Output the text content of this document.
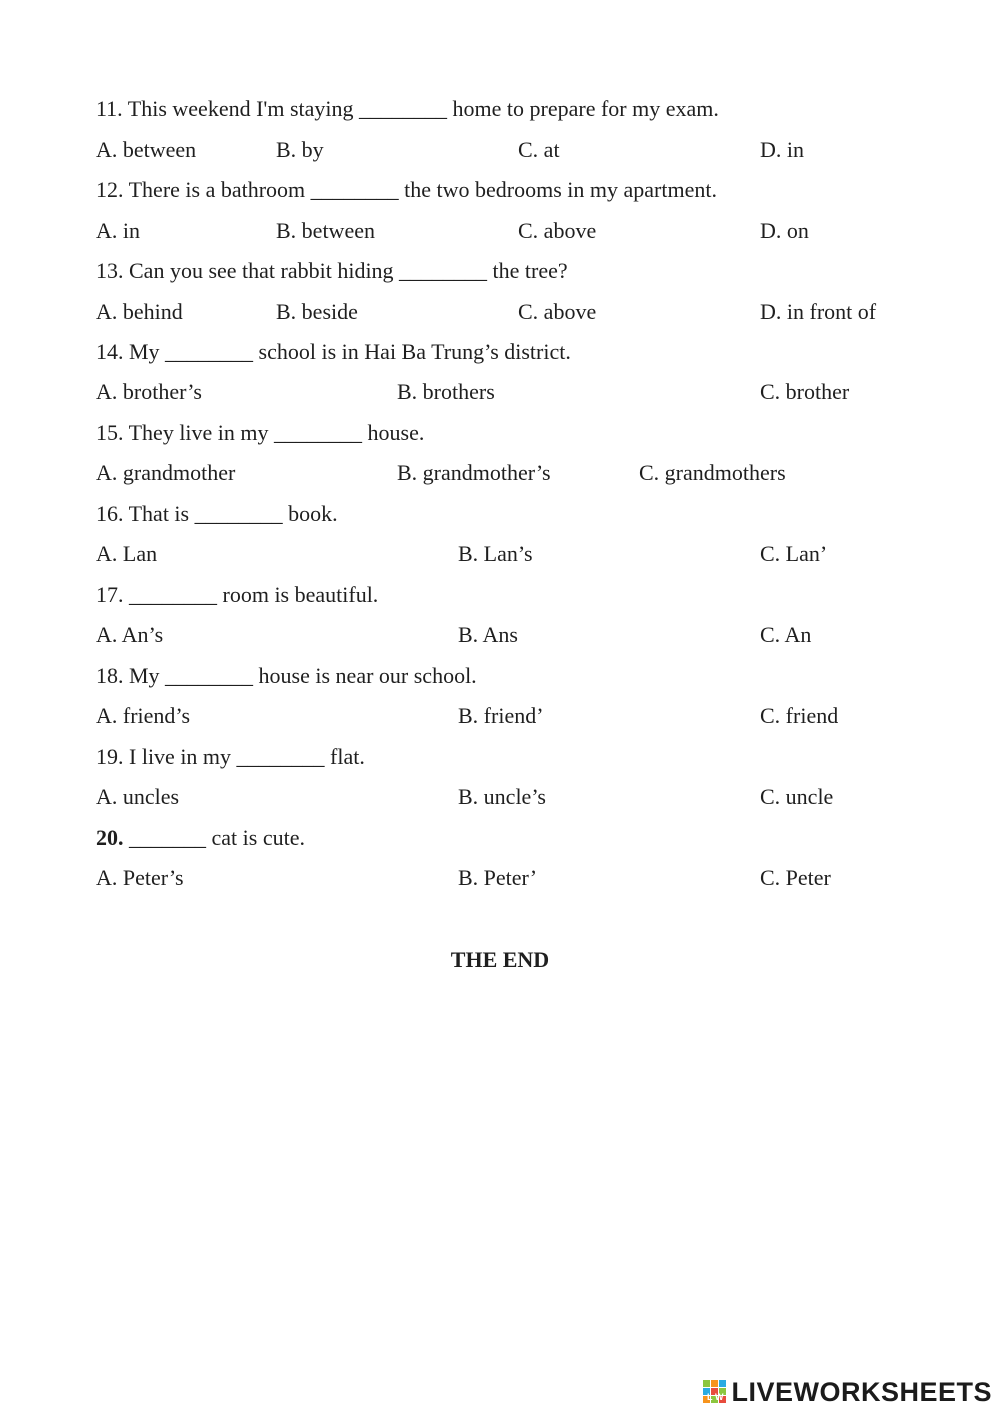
11. This weekend I'm staying ________ home to prepare for my exam.
A. between	B. by	C. at	D. in
12. There is a bathroom ________ the two bedrooms in my apartment.
A. in	B. between	C. above	D. on
13. Can you see that rabbit hiding ________ the tree?
A. behind	B. beside	C. above	D. in front of
14. My ________ school is in Hai Ba Trung’s district.
A. brother’s	B. brothers	C. brother
15. They live in my ________ house.
A. grandmother	B. grandmother’s	C. grandmothers
16. That is ________ book.
A. Lan	B. Lan’s	C. Lan’
17. ________ room is beautiful.
A. An’s	B. Ans	C. An
18. My ________ house is near our school.
A. friend’s	B. friend’	C. friend
19. I live in my ________ flat.
A. uncles	B. uncle’s	C. uncle
20. _______ cat is cute.
A. Peter’s	B. Peter’	C. Peter
THE END
L W LIVEWORKSHEETS
